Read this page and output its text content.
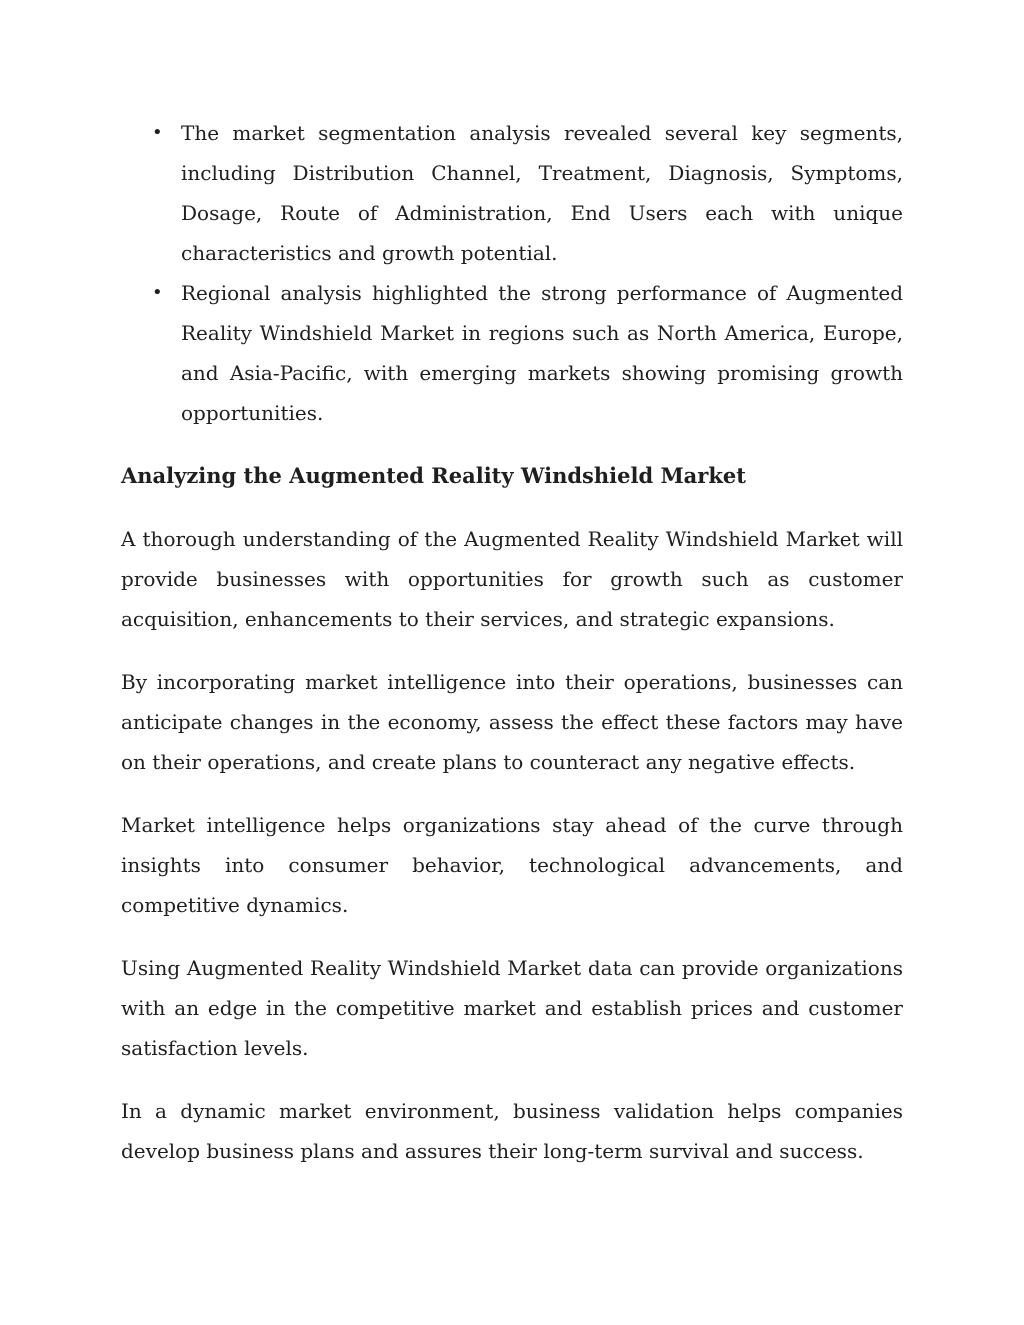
• The market segmentation analysis revealed several key segments, including Distribution Channel, Treatment, Diagnosis, Symptoms, Dosage, Route of Administration, End Users each with unique characteristics and growth potential.
• Regional analysis highlighted the strong performance of Augmented Reality Windshield Market in regions such as North America, Europe, and Asia-Pacific, with emerging markets showing promising growth opportunities.
Analyzing the Augmented Reality Windshield Market

A thorough understanding of the Augmented Reality Windshield Market will provide businesses with opportunities for growth such as customer acquisition, enhancements to their services, and strategic expansions.

By incorporating market intelligence into their operations, businesses can anticipate changes in the economy, assess the effect these factors may have on their operations, and create plans to counteract any negative effects.

Market intelligence helps organizations stay ahead of the curve through insights into consumer behavior, technological advancements, and competitive dynamics.

Using Augmented Reality Windshield Market data can provide organizations with an edge in the competitive market and establish prices and customer satisfaction levels.

In a dynamic market environment, business validation helps companies develop business plans and assures their long-term survival and success.
